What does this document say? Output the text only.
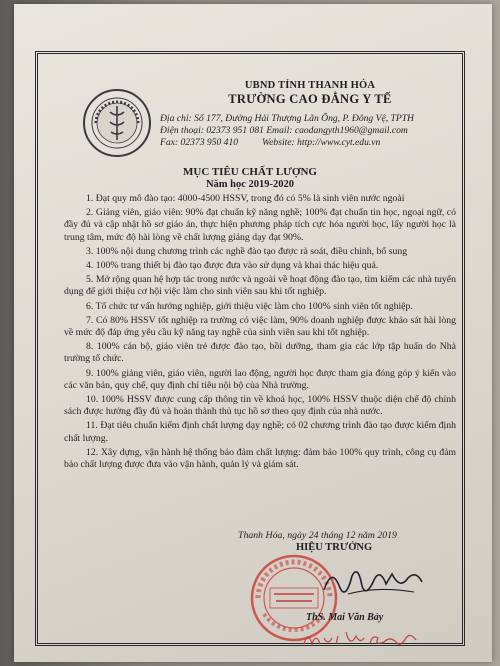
UBND TỈNH THANH HÓA
TRƯỜNG CAO ĐẲNG Y TẾ
Địa chỉ: Số 177, Đường Hải Thượng Lãn Ông, P. Đông Vệ, TPTH
Điện thoại: 02373 951 081 Email: caodangyth1960@gmail.com
Fax: 02373 950 410          Website: http://www.cyt.edu.vn
MỤC TIÊU CHẤT LƯỢNG
Năm học 2019-2020

1. Đạt quy mô đào tạo: 4000-4500 HSSV, trong đó có 5% là sinh viên nước ngoài

2. Giảng viên, giáo viên: 90% đạt chuẩn kỹ năng nghề; 100% đạt chuẩn tin học, ngoại ngữ, có đầy đủ và cập nhật hồ sơ giáo án, thực hiện phương pháp tích cực hóa người học, lấy người học là trung tâm, mức độ hài lòng về chất lượng giảng dạy đạt 90%.

3. 100% nội dung chương trình các nghề đào tạo được rà soát, điều chỉnh, bổ sung

4. 100% trang thiết bị đào tạo được đưa vào sử dụng và khai thác hiệu quả.

5. Mở rộng quan hệ hợp tác trong nước và ngoài về hoạt động đào tạo, tìm kiếm các nhà tuyển dụng để giới thiệu cơ hội việc làm cho sinh viên sau khi tốt nghiệp.

6. Tổ chức tư vấn hướng nghiệp, giới thiệu việc làm cho 100% sinh viên tốt nghiệp.

7. Có 80% HSSV tốt nghiệp ra trường có việc làm, 90% doanh nghiệp được khảo sát hài lòng về mức độ đáp ứng yêu cầu kỹ năng tay nghề của sinh viên sau khi tốt nghiệp.

8. 100% cán bộ, giáo viên trẻ được đào tạo, bồi dưỡng, tham gia các lớp tập huấn do Nhà trường tổ chức.

9. 100% giảng viên, giáo viên, người lao động, người học được tham gia đóng góp ý kiến vào các văn bản, quy chế, quy định chỉ tiêu nội bộ của Nhà trường.

10. 100% HSSV được cung cấp thông tin về khoá học, 100% HSSV thuộc diện chế độ chính sách được hưởng đầy đủ và hoàn thành thủ tục hồ sơ theo quy định của nhà nước.

11. Đạt tiêu chuẩn kiểm định chất lượng dạy nghề; có 02 chương trình đào tạo được kiểm định chất lượng.

12. Xây dựng, vận hành hệ thống bảo đảm chất lượng: đảm bảo 100% quy trình, công cụ đảm bảo chất lượng được đưa vào vận hành, quản lý và giám sát.

Thanh Hóa, ngày 24 tháng 12 năm 2019
HIỆU TRƯỞNG
ThS. Mai Văn Bảy
